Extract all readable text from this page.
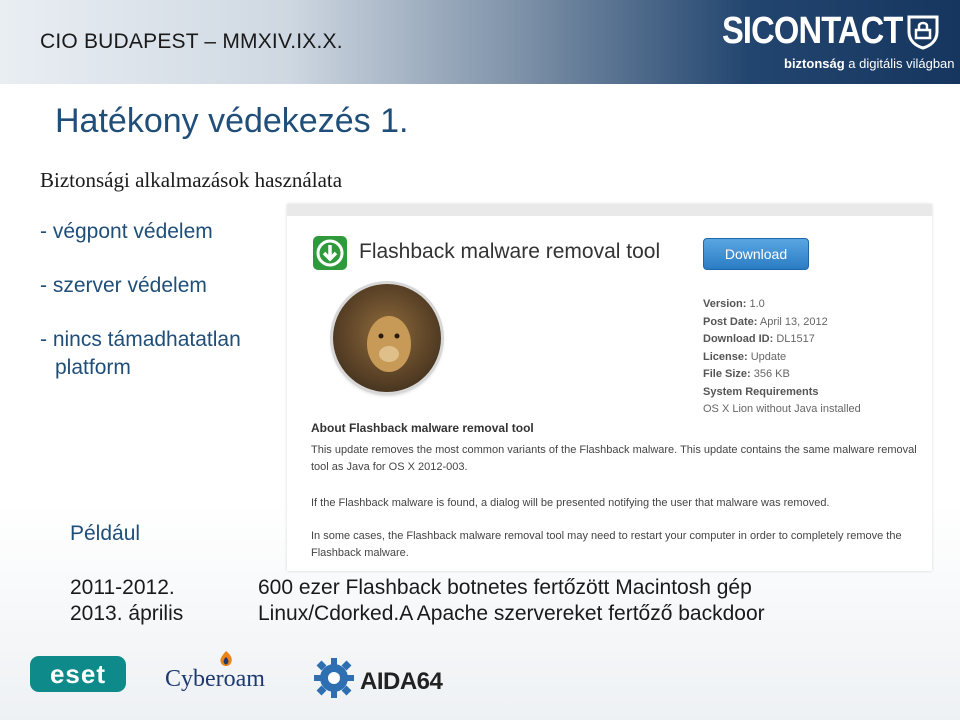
CIO BUDAPEST – MMXIV.IX.X.	SICONTACT
biztonság a digitális világban
Hatékony védekezés 1.
Biztonsági alkalmazások használata
- végpont védelem
- szerver védelem
- nincs támadhatatlan
platform
Flashback malware removal tool	Download
Version: 1.0
Post Date: April 13, 2012
Download ID: DL1517
License: Update
File Size: 356 KB
System Requirements
OS X Lion without Java installed
About Flashback malware removal tool
This update removes the most common variants of the Flashback malware. This update contains the same malware removal tool as Java for OS X 2012-003.
If the Flashback malware is found, a dialog will be presented notifying the user that malware was removed.
In some cases, the Flashback malware removal tool may need to restart your computer in order to completely remove the Flashback malware.
Például
2011-2012.	600 ezer Flashback botnetes fertőzött Macintosh gép
2013. április	Linux/Cdorked.A Apache szervereket fertőző backdoor
eset	Cyberoam	AIDA64
